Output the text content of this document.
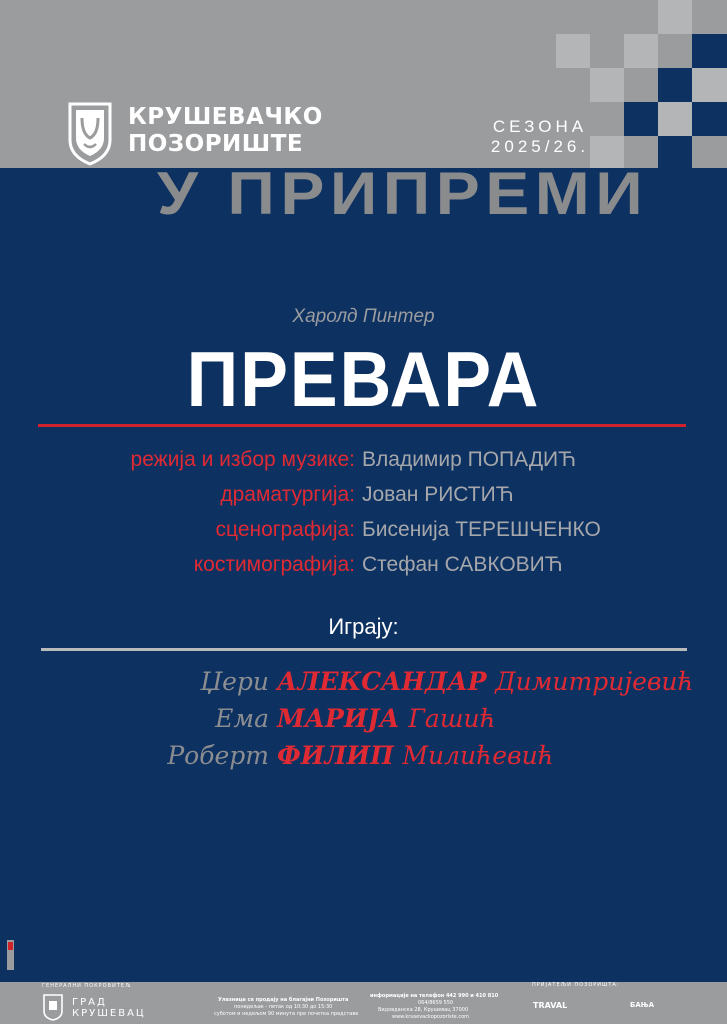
КРУШЕВАЧКО
ПОЗОРИШТЕ
СЕЗОНА
2025/26.
У ПРИПРЕМИ
Харолд Пинтер
ПРЕВАРА
режија и избор музике: Владимир ПОПАДИЋ
драматургија: Јован РИСТИЋ
сценографија: Бисенија ТЕРЕШЧЕНКО
костимографија: Стефан САВКОВИЋ
Играју:
Џери АЛЕКСАНДАР Димитријевић
Ема МАРИЈА Гашић
Роберт ФИЛИП Милићевић
ГЕНЕРАЛНИ ПОКРОВИТЕЉ
ГРАД
КРУШЕВАЦ
Улазнице се продају на благајни Позоришта
понедељак - петак од 10:30 до 15:30
суботом и недељом 90 минута пре почетка представе
информације на телефон 442 990 и 410 810
064/8659 550
Видовданска 28, Крушевац 37000
www.krusevackopozoriste.com
ПРИЈАТЕЉИ ПОЗОРИШТА:
TRAVAL	БАЊА
